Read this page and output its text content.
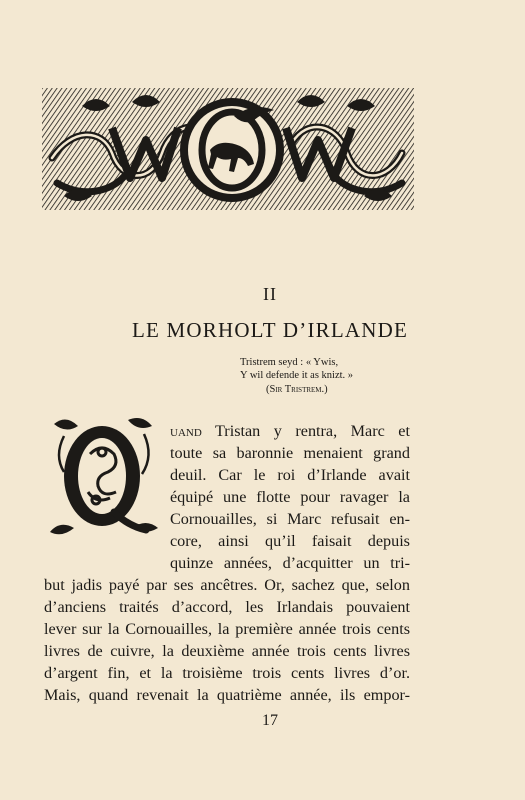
II
LE MORHOLT D’IRLANDE
Tristrem seyd : « Ywis,
Y wil defende it as knizt. »
(Sir Tristrem.)
uand Tristan y rentra, Marc et
toute sa baronnie menaient grand
deuil. Car le roi d’Irlande avait
équipé une flotte pour ravager la
Cornouailles, si Marc refusait en-
core, ainsi qu’il faisait depuis
quinze années, d’acquitter un tri-
but jadis payé par ses ancêtres. Or, sachez que, selon
d’anciens traités d’accord, les Irlandais pouvaient
lever sur la Cornouailles, la première année trois cents
livres de cuivre, la deuxième année trois cents livres
d’argent fin, et la troisième trois cents livres d’or.
Mais, quand revenait la quatrième année, ils empor-
17
